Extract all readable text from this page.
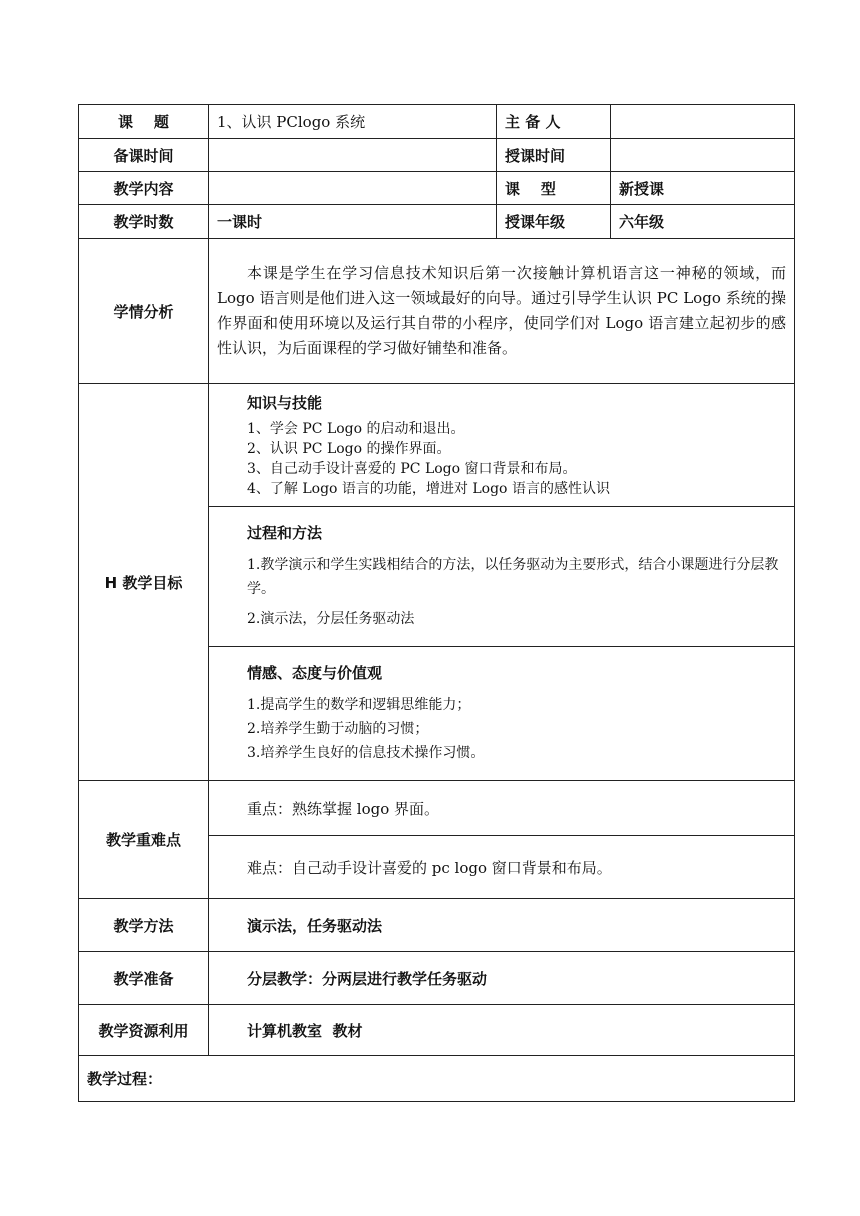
课    题	1、认识 PClogo 系统	主 备 人	
备课时间		授课时间	
教学内容		课    型	新授课
教学时数	一课时	授课年级	六年级
学情分析	本课是学生在学习信息技术知识后第一次接触计算机语言这一神秘的领域，而 Logo 语言则是他们进入这一领域最好的向导。通过引导学生认识 PC Logo 系统的操作界面和使用环境以及运行其自带的小程序，使同学们对 Logo 语言建立起初步的感性认识，为后面课程的学习做好铺垫和准备。		

H 教学目标	知识与技能
1、学会 PC Logo 的启动和退出。
2、认识 PC Logo 的操作界面。
3、自己动手设计喜爱的 PC Logo 窗口背景和布局。
4、了解 Logo 语言的功能，增进对 Logo 语言的感性认识		

	过程和方法
1.教学演示和学生实践相结合的方法，以任务驱动为主要形式，结合小课题进行分层教学。
2.演示法，分层任务驱动法		

	情感、态度与价值观
1.提高学生的数学和逻辑思维能力；
2.培养学生勤于动脑的习惯；
3.培养学生良好的信息技术操作习惯。		

教学重难点	重点：熟练掌握 logo 界面。		
	难点：自己动手设计喜爱的 pc logo 窗口背景和布局。		
教学方法	演示法，任务驱动法		
教学准备	分层教学：分两层进行教学任务驱动		
教学资源利用	计算机教室  教材		
教学过程：			
